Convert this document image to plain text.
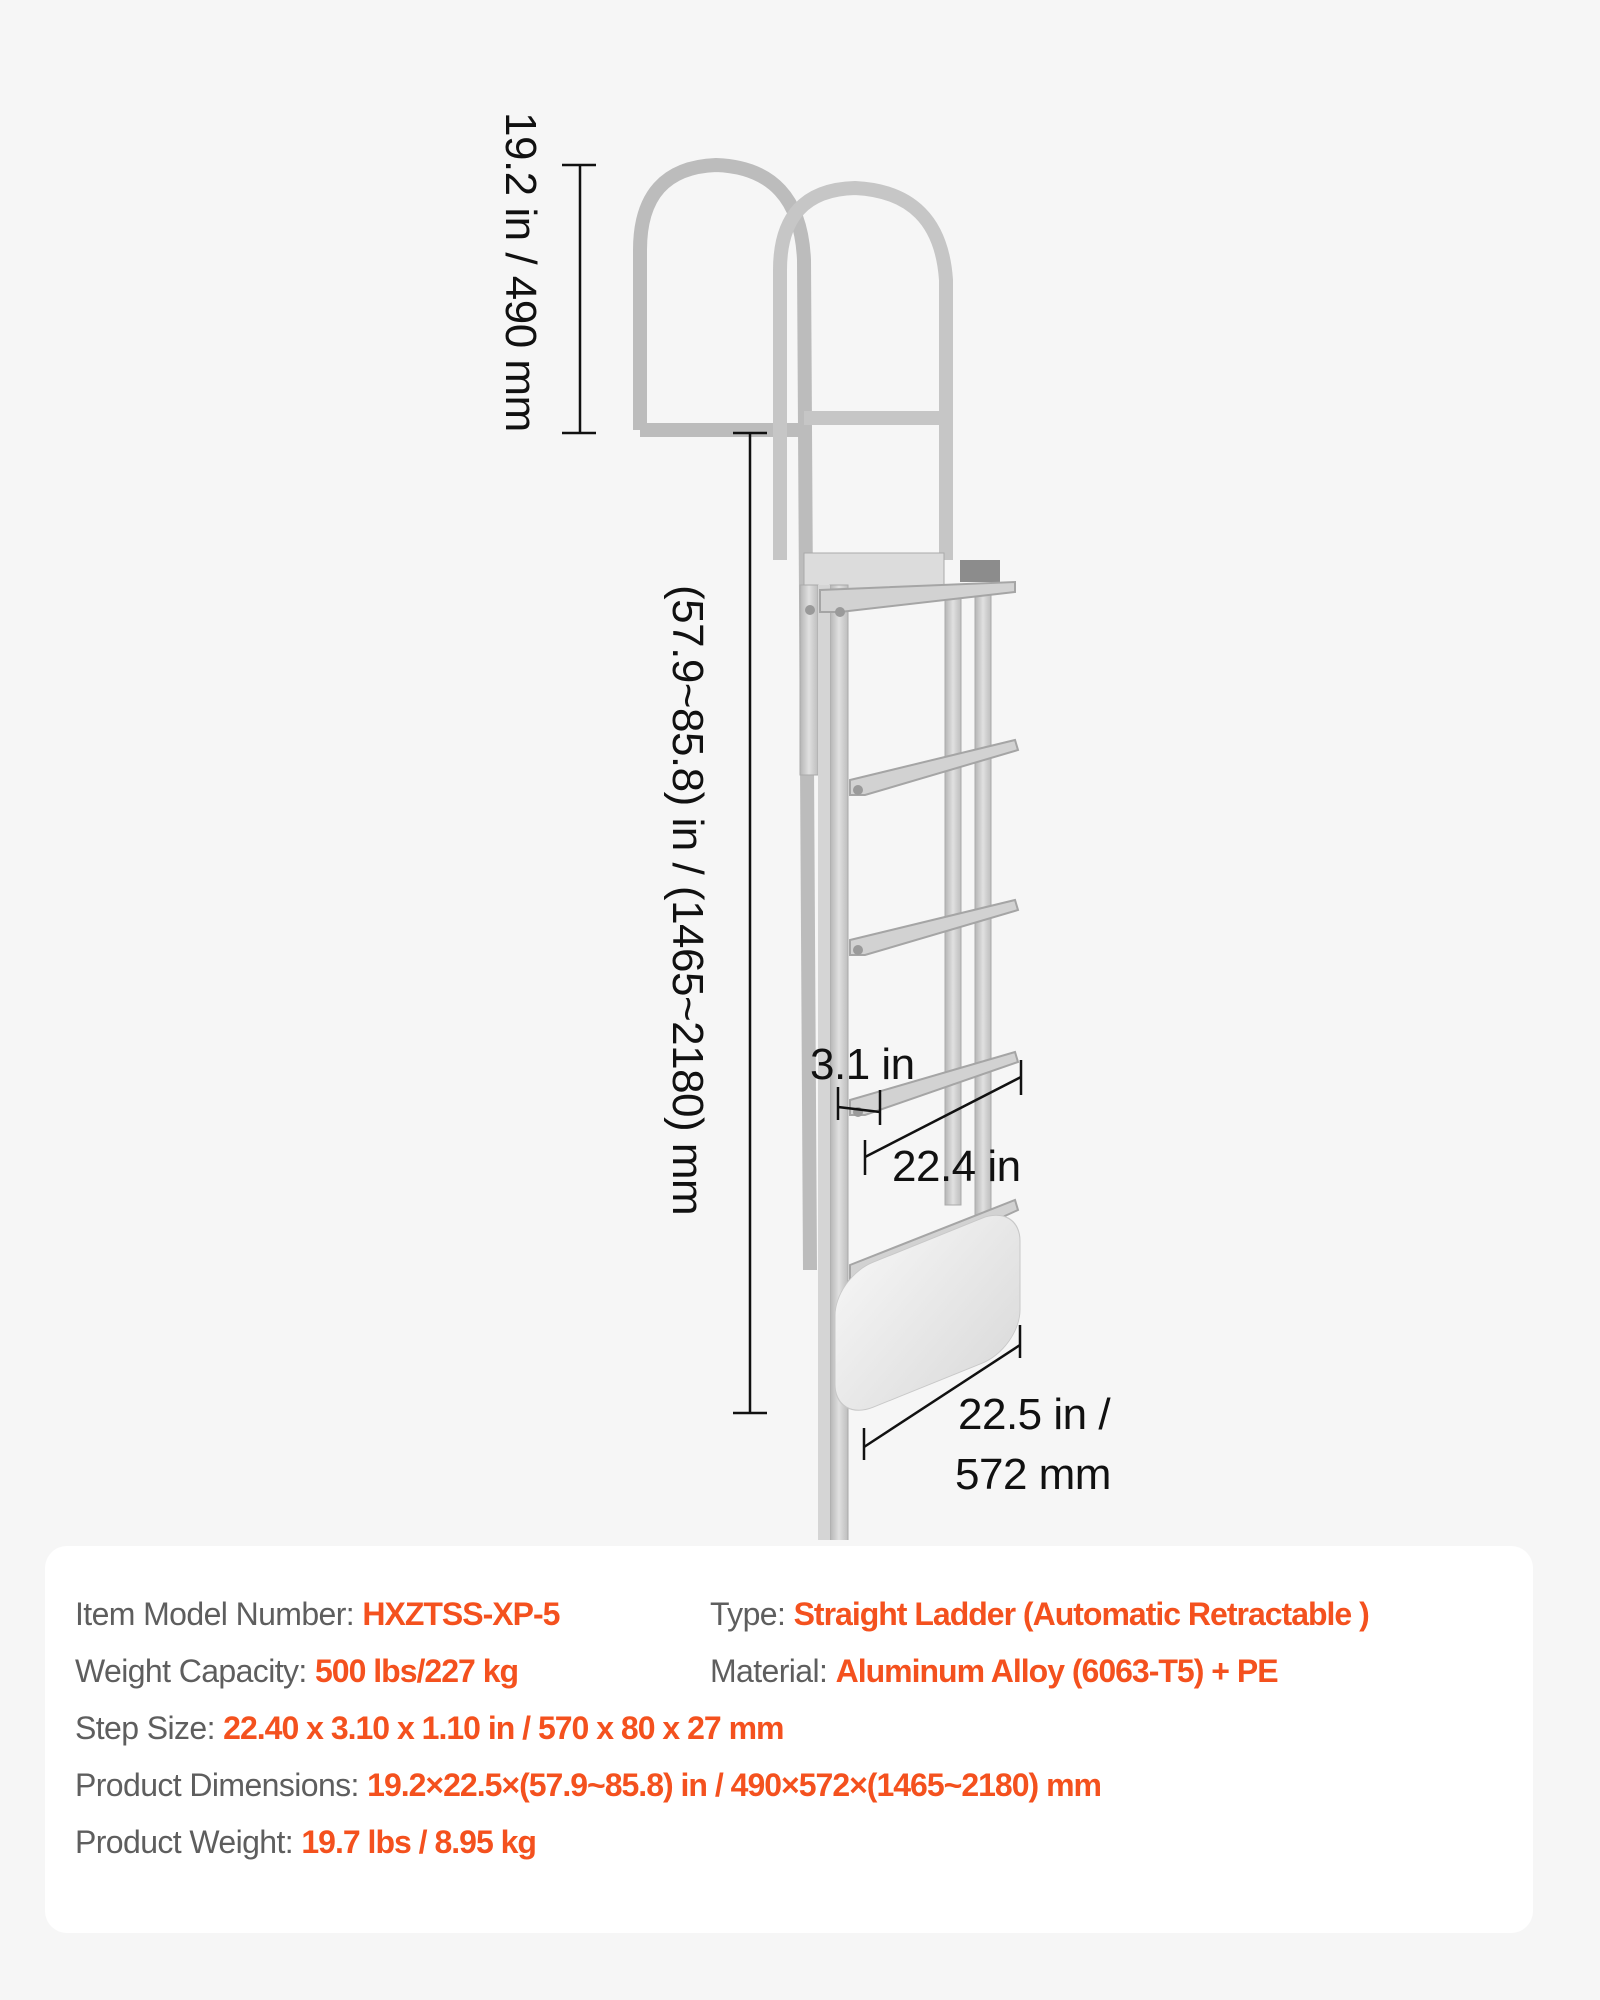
19.2 in / 490 mm
(57.9~85.8) in / (1465~2180) mm 3.1 in
22.4 in
22.5 in /
572 mm
Item Model Number: HXZTSS-XP-5	Type: Straight Ladder (Automatic Retractable )
Weight Capacity: 500 lbs/227 kg	Material: Aluminum Alloy (6063-T5) + PE
Step Size: 22.40 x 3.10 x 1.10 in / 570 x 80 x 27 mm
Product Dimensions: 19.2×22.5×(57.9~85.8) in / 490×572×(1465~2180) mm
Product Weight: 19.7 lbs / 8.95 kg
